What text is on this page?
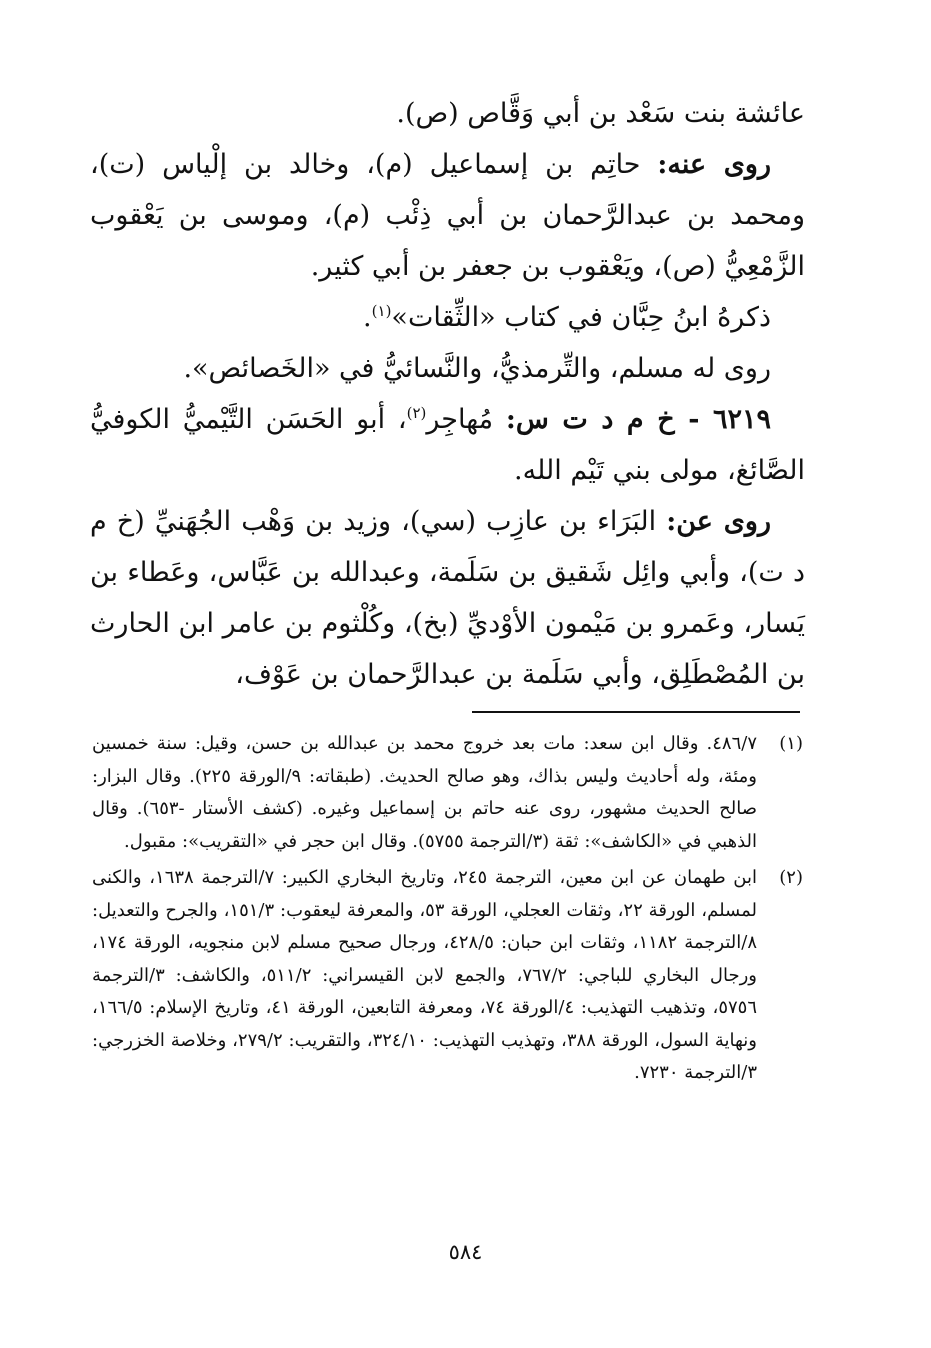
عائشة بنت سَعْد بن أبي وَقَّاص (ص).

روى عنه: حاتِم بن إسماعيل (م)، وخالد بن إلْياس (ت)، ومحمد بن عبدالرَّحمان بن أبي ذِئْب (م)، وموسى بن يَعْقوب الزَّمْعِيُّ (ص)، ويَعْقوب بن جعفر بن أبي كثير.

ذكرهُ ابنُ حِبَّان في كتاب «الثِّقات»$^{(١)}$.

روى له مسلم، والتِّرمذيُّ، والنَّسائيُّ في «الخَصائص».

٦٢١٩ - خ م د ت س: مُهاجِر$^{(٢)}$، أبو الحَسَن التَّيْميُّ الكوفيُّ الصَّائغ، مولى بني تَيْم الله.

روى عن: البَرَاء بن عازِب (سي)، وزيد بن وَهْب الجُهَنيِّ (خ م د ت)، وأبي وائِل شَقيق بن سَلَمة، وعبدالله بن عَبَّاس، وعَطاء بن يَسار، وعَمرو بن مَيْمون الأوْديِّ (بخ)، وكُلْثوم بن عامر ابن الحارث بن المُصْطَلِق، وأبي سَلَمة بن عبدالرَّحمان بن عَوْف،

(١)
٤٨٦/٧. وقال ابن سعد: مات بعد خروج محمد بن عبدالله بن حسن، وقيل: سنة خمسين ومئة، وله أحاديث وليس بذاك، وهو صالح الحديث. (طبقاته: ٩/الورقة ٢٢٥). وقال البزار: صالح الحديث مشهور، روى عنه حاتم بن إسماعيل وغيره. (كشف الأستار -٦٥٣). وقال الذهبي في «الكاشف»: ثقة (٣/الترجمة ٥٧٥٥). وقال ابن حجر في «التقريب»: مقبول.
(٢)
ابن طهمان عن ابن معين، الترجمة ٢٤٥، وتاريخ البخاري الكبير: ٧/الترجمة ١٦٣٨، والكنى لمسلم، الورقة ٢٢، وثقات العجلي، الورقة ٥٣، والمعرفة ليعقوب: ١٥١/٣، والجرح والتعديل: ٨/الترجمة ١١٨٢، وثقات ابن حبان: ٤٢٨/٥، ورجال صحيح مسلم لابن منجويه، الورقة ١٧٤، ورجال البخاري للباجي: ٧٦٧/٢، والجمع لابن القيسراني: ٥١١/٢، والكاشف: ٣/الترجمة ٥٧٥٦، وتذهيب التهذيب: ٤/الورقة ٧٤، ومعرفة التابعين، الورقة ٤١، وتاريخ الإسلام: ١٦٦/٥، ونهاية السول، الورقة ٣٨٨، وتهذيب التهذيب: ٣٢٤/١٠، والتقريب: ٢٧٩/٢، وخلاصة الخزرجي: ٣/الترجمة ٧٢٣٠.
٥٨٤
